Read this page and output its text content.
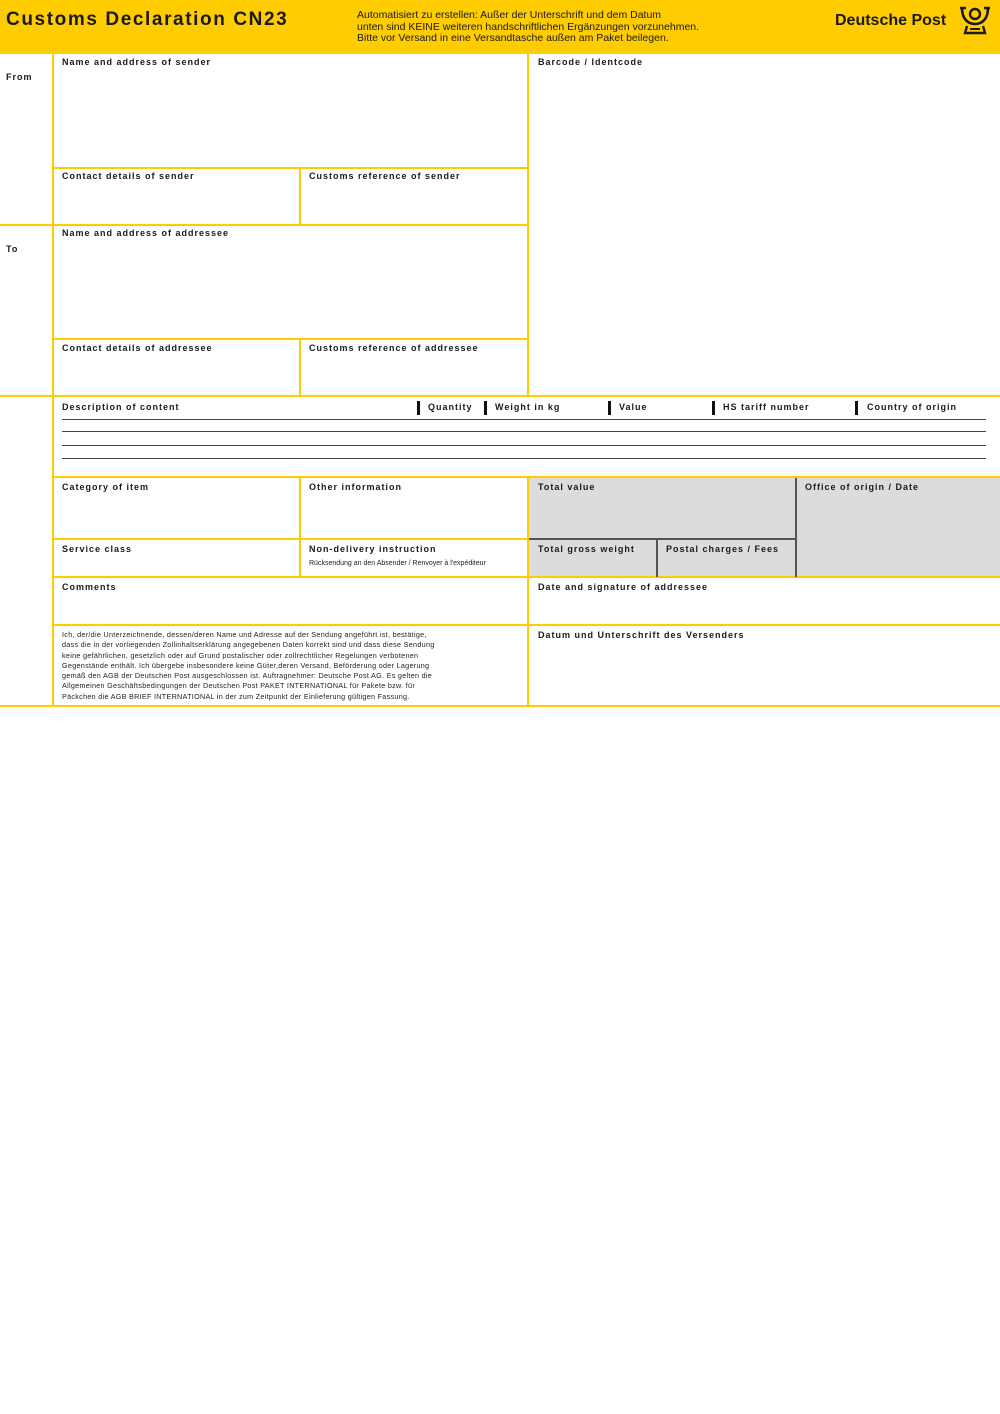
Customs Declaration CN23	Automatisiert zu erstellen: Außer der Unterschrift und dem Datum
unten sind KEINE weiteren handschriftlichen Ergänzungen vorzunehmen.
Bitte vor Versand in eine Versandtasche außen am Paket beilegen.
Deutsche Post
From
To
Name and address of sender	Barcode / Identcode
Contact details of sender	Customs reference of sender
Name and address of addressee
Contact details of addressee	Customs reference of addressee
Description of content	Quantity Weight in kg	Value	HS tariff number	Country of origin
Category of item	Other information	Total value	Office of origin / Date
Service class	Non-delivery instruction
Rücksendung an den Absender / Renvoyer à l'expéditeur
Total gross weight	Postal charges / Fees
Comments	Date and signature of addressee
Datum und Unterschrift des Versenders
Ich, der/die Unterzeichnende, dessen/deren Name und Adresse auf der Sendung angeführt ist, bestätige,
dass die in der vorliegenden Zollinhaltserklärung angegebenen Daten korrekt sind und dass diese Sendung
keine gefährlichen, gesetzlich oder auf Grund postalischer oder zollrechtlicher Regelungen verbotenen
Gegenstände enthält. Ich übergebe insbesondere keine Güter,deren Versand, Beförderung oder Lagerung
gemäß den AGB der Deutschen Post ausgeschlossen ist. Auftragnehmer: Deutsche Post AG. Es gelten die
Allgemeinen Geschäftsbedingungen der Deutschen Post PAKET INTERNATIONAL für Pakete bzw. für
Päckchen die AGB BRIEF INTERNATIONAL in der zum Zeitpunkt der Einlieferung gültigen Fassung.
